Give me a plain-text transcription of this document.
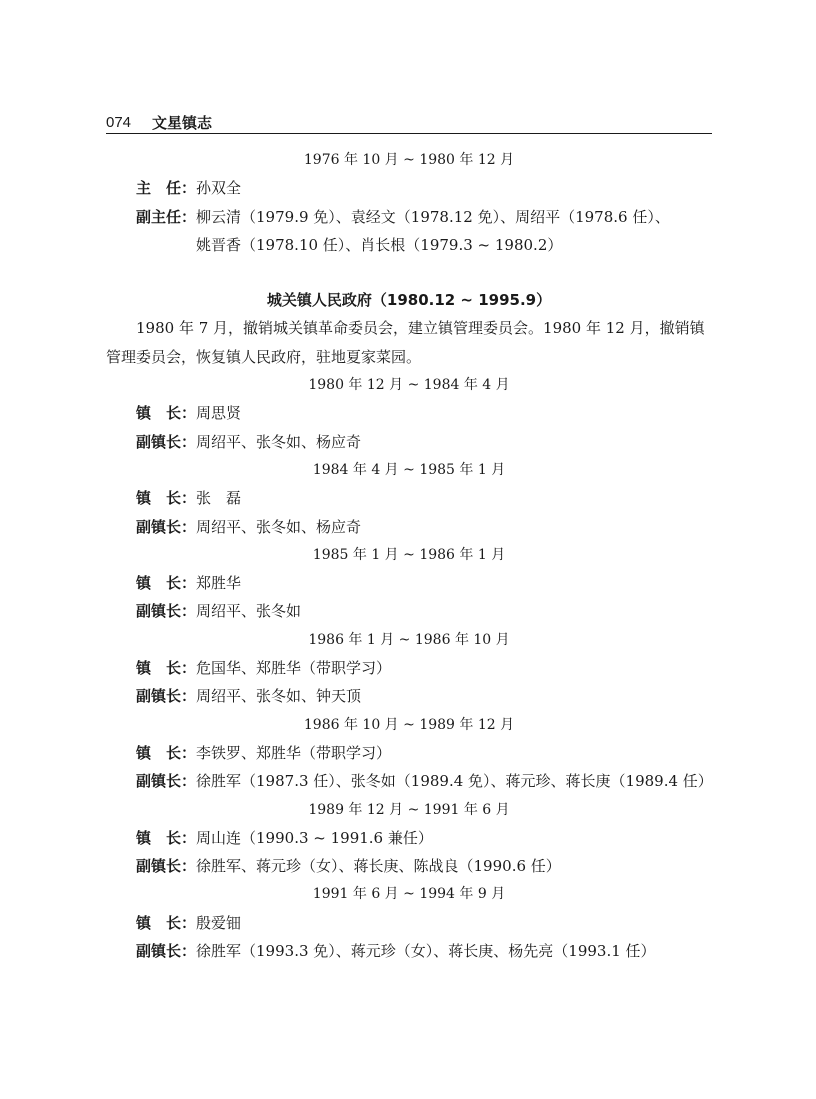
074 文星镇志
1976 年 10 月 ~ 1980 年 12 月
主　任：孙双全
副主任：柳云清（1979.9 免）、袁经文（1978.12 免）、周绍平（1978.6 任）、
姚晋香（1978.10 任）、肖长根（1979.3 ~ 1980.2）
城关镇人民政府（1980.12 ~ 1995.9）
1980 年 7 月，撤销城关镇革命委员会，建立镇管理委员会。1980 年 12 月，撤销镇
管理委员会，恢复镇人民政府，驻地夏家菜园。
1980 年 12 月 ~ 1984 年 4 月
镇　长：周思贤
副镇长：周绍平、张冬如、杨应奇
1984 年 4 月 ~ 1985 年 1 月
镇　长：张　磊
副镇长：周绍平、张冬如、杨应奇
1985 年 1 月 ~ 1986 年 1 月
镇　长：郑胜华
副镇长：周绍平、张冬如
1986 年 1 月 ~ 1986 年 10 月
镇　长：危国华、郑胜华（带职学习）
副镇长：周绍平、张冬如、钟天顶
1986 年 10 月 ~ 1989 年 12 月
镇　长：李铁罗、郑胜华（带职学习）
副镇长：徐胜军（1987.3 任）、张冬如（1989.4 免）、蒋元珍、蒋长庚（1989.4 任）
1989 年 12 月 ~ 1991 年 6 月
镇　长：周山连（1990.3 ~ 1991.6 兼任）
副镇长：徐胜军、蒋元珍（女）、蒋长庚、陈战良（1990.6 任）
1991 年 6 月 ~ 1994 年 9 月
镇　长：殷爱钿
副镇长：徐胜军（1993.3 免）、蒋元珍（女）、蒋长庚、杨先亮（1993.1 任）
